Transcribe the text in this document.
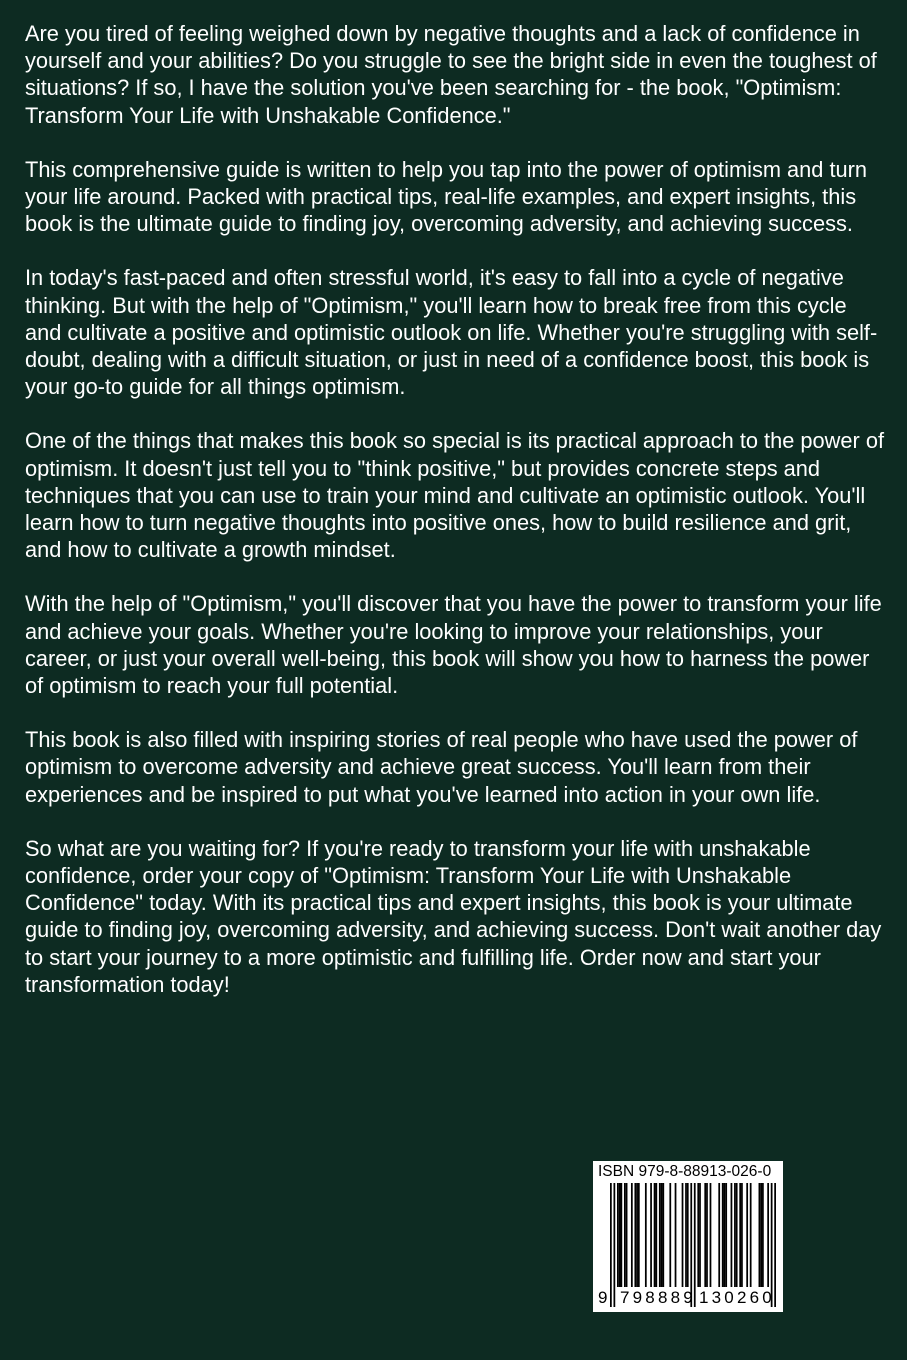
Are you tired of feeling weighed down by negative thoughts and a lack of confidence in yourself and your abilities? Do you struggle to see the bright side in even the toughest of situations? If so, I have the solution you've been searching for - the book, "Optimism: Transform Your Life with Unshakable Confidence."

This comprehensive guide is written to help you tap into the power of optimism and turn your life around. Packed with practical tips, real-life examples, and expert insights, this book is the ultimate guide to finding joy, overcoming adversity, and achieving success.

In today's fast-paced and often stressful world, it's easy to fall into a cycle of negative thinking. But with the help of "Optimism," you'll learn how to break free from this cycle and cultivate a positive and optimistic outlook on life. Whether you're struggling with self-doubt, dealing with a difficult situation, or just in need of a confidence boost, this book is your go-to guide for all things optimism.

One of the things that makes this book so special is its practical approach to the power of optimism. It doesn't just tell you to "think positive," but provides concrete steps and techniques that you can use to train your mind and cultivate an optimistic outlook. You'll learn how to turn negative thoughts into positive ones, how to build resilience and grit, and how to cultivate a growth mindset.

With the help of "Optimism," you'll discover that you have the power to transform your life and achieve your goals. Whether you're looking to improve your relationships, your career, or just your overall well-being, this book will show you how to harness the power of optimism to reach your full potential.

This book is also filled with inspiring stories of real people who have used the power of optimism to overcome adversity and achieve great success. You'll learn from their experiences and be inspired to put what you've learned into action in your own life.

So what are you waiting for? If you're ready to transform your life with unshakable confidence, order your copy of "Optimism: Transform Your Life with Unshakable Confidence" today. With its practical tips and expert insights, this book is your ultimate guide to finding joy, overcoming adversity, and achieving success. Don't wait another day to start your journey to a more optimistic and fulfilling life. Order now and start your transformation today!

ISBN 979-8-88913-026-0
9 798889 130260
